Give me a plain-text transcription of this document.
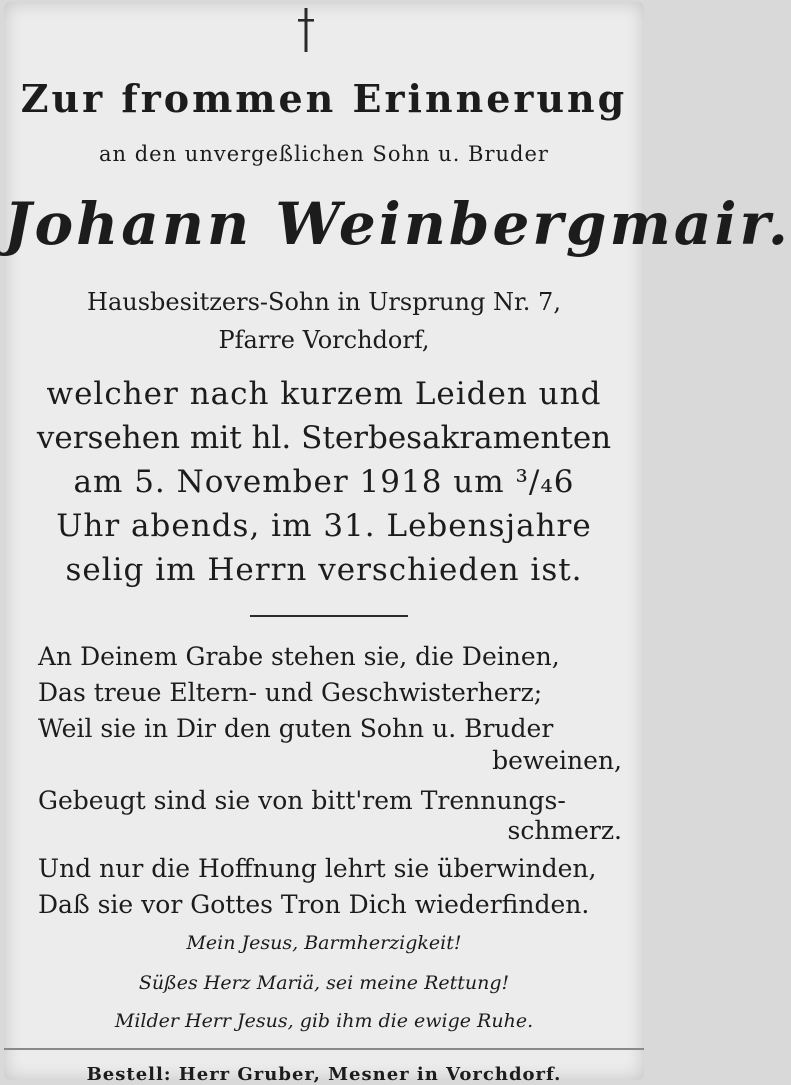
Zur frommen Erinnerung
an den unvergeßlichen Sohn u. Bruder
Johann Weinbergmair.
Hausbesitzers-Sohn in Ursprung Nr. 7,
Pfarre Vorchdorf,
welcher nach kurzem Leiden und
versehen mit hl. Sterbesakramenten
am 5. November 1918 um ³/₄6
Uhr abends, im 31. Lebensjahre
selig im Herrn verschieden ist.
An Deinem Grabe stehen sie, die Deinen,
Das treue Eltern- und Geschwisterherz;
Weil sie in Dir den guten Sohn u. Bruder
beweinen,
Gebeugt sind sie von bitt'rem Trennungs-
schmerz.
Und nur die Hoffnung lehrt sie überwinden,
Daß sie vor Gottes Tron Dich wiederfinden.
Mein Jesus, Barmherzigkeit!
Süßes Herz Mariä, sei meine Rettung!
Milder Herr Jesus, gib ihm die ewige Ruhe.
Bestell: Herr Gruber, Mesner in Vorchdorf.
